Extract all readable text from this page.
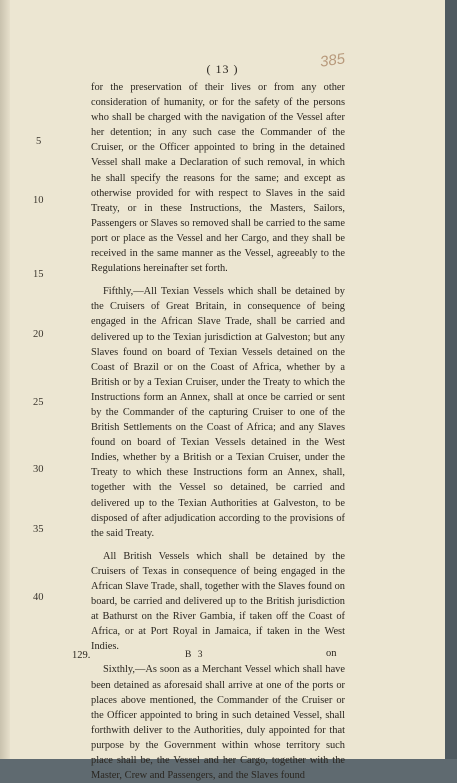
( 13 )	385

for the preservation of their lives or from any other consideration of humanity, or for the safety of the persons who shall be charged with the navigation of the Vessel after her detention; in any such case the Commander of the Cruiser, or the Officer appointed to bring in the detained Vessel shall make a Declaration of such removal, in which he shall specify the reasons for the same; and except as otherwise provided for with respect to Slaves in the said Treaty, or in these Instructions, the Masters, Sailors, Passengers or Slaves so removed shall be carried to the same port or place as the Vessel and her Cargo, and they shall be received in the same manner as the Vessel, agreeably to the Regulations hereinafter set forth.

Fifthly,—All Texian Vessels which shall be detained by the Cruisers of Great Britain, in consequence of being engaged in the African Slave Trade, shall be carried and delivered up to the Texian jurisdiction at Galveston; but any Slaves found on board of Texian Vessels detained on the Coast of Brazil or on the Coast of Africa, whether by a British or by a Texian Cruiser, under the Treaty to which the Instructions form an Annex, shall at once be carried or sent by the Commander of the capturing Cruiser to one of the British Settlements on the Coast of Africa; and any Slaves found on board of Texian Vessels detained in the West Indies, whether by a British or a Texian Cruiser, under the Treaty to which these Instructions form an Annex, shall, together with the Vessel so detained, be carried and delivered up to the Texian Authorities at Galveston, to be disposed of after adjudication according to the provisions of the said Treaty.

All British Vessels which shall be detained by the Cruisers of Texas in consequence of being engaged in the African Slave Trade, shall, together with the Slaves found on board, be carried and delivered up to the British jurisdiction at Bathurst on the River Gambia, if taken off the Coast of Africa, or at Port Royal in Jamaica, if taken in the West Indies.

Sixthly,—As soon as a Merchant Vessel which shall have been detained as aforesaid shall arrive at one of the ports or places above mentioned, the Commander of the Cruiser or the Officer appointed to bring in such detained Vessel, shall forthwith deliver to the Authorities, duly appointed for that purpose by the Government within whose territory such place shall be, the Vessel and her Cargo, together with the Master, Crew and Passengers, and the Slaves found

5
10
15
20
25
30
35
40
129.	B 3	on
